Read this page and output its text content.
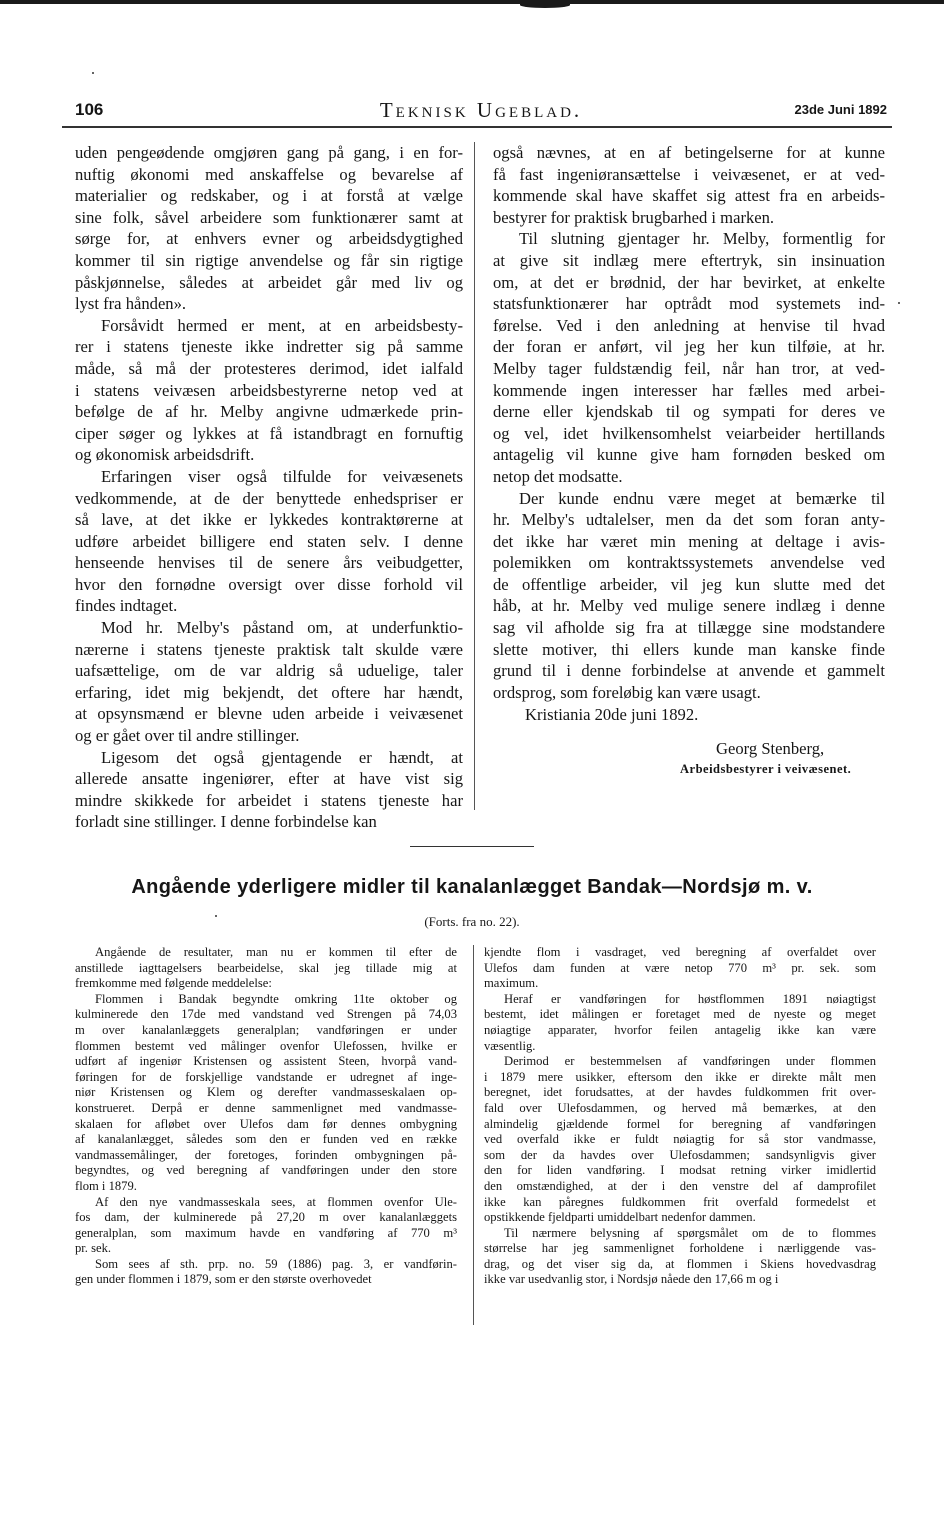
106	Teknisk Ugeblad.	23de Juni 1892

uden pengeødende omgjøren gang på gang, i en for-
nuftig økonomi med anskaffelse og bevarelse af
materialier og redskaber, og i at forstå at vælge
sine folk, såvel arbeidere som funktionærer samt at
sørge for, at enhvers evner og arbeidsdygtighed
kommer til sin rigtige anvendelse og får sin rigtige
påskjønnelse, således at arbeidet går med liv og
lyst fra hånden».

Forsåvidt hermed er ment, at en arbeidsbesty-
rer i statens tjeneste ikke indretter sig på samme
måde, så må der protesteres derimod, idet ialfald
i statens veivæsen arbeidsbestyrerne netop ved at
befølge de af hr. Melby angivne udmærkede prin-
ciper søger og lykkes at få istandbragt en fornuftig
og økonomisk arbeidsdrift.

Erfaringen viser også tilfulde for veivæsenets
vedkommende, at de der benyttede enhedspriser er
så lave, at det ikke er lykkedes kontraktørerne at
udføre arbeidet billigere end staten selv. I denne
henseende henvises til de senere års veibudgetter,
hvor den fornødne oversigt over disse forhold vil
findes indtaget.

Mod hr. Melby's påstand om, at underfunktio-
nærerne i statens tjeneste praktisk talt skulde være
uafsættelige, om de var aldrig så uduelige, taler
erfaring, idet mig bekjendt, det oftere har hændt,
at opsynsmænd er blevne uden arbeide i veivæsenet
og er gået over til andre stillinger.

Ligesom det også gjentagende er hændt, at
allerede ansatte ingeniører, efter at have vist sig
mindre skikkede for arbeidet i statens tjeneste har
forladt sine stillinger. I denne forbindelse kan

også nævnes, at en af betingelserne for at kunne
få fast ingeniøransættelse i veivæsenet, er at ved-
kommende skal have skaffet sig attest fra en arbeids-
bestyrer for praktisk brugbarhed i marken.

Til slutning gjentager hr. Melby, formentlig for
at give sit indlæg mere eftertryk, sin insinuation
om, at det er brødnid, der har bevirket, at enkelte
statsfunktionærer har optrådt mod systemets ind-
førelse. Ved i den anledning at henvise til hvad
der foran er anført, vil jeg her kun tilføie, at hr.
Melby tager fuldstændig feil, når han tror, at ved-
kommende ingen interesser har fælles med arbei-
derne eller kjendskab til og sympati for deres ve
og vel, idet hvilkensomhelst veiarbeider hertillands
antagelig vil kunne give ham fornøden besked om
netop det modsatte.

Der kunde endnu være meget at bemærke til
hr. Melby's udtalelser, men da det som foran anty-
det ikke har været min mening at deltage i avis-
polemikken om kontraktssystemets anvendelse ved
de offentlige arbeider, vil jeg kun slutte med det
håb, at hr. Melby ved mulige senere indlæg i denne
sag vil afholde sig fra at tillægge sine modstandere
slette motiver, thi ellers kunde man kanske finde
grund til i denne forbindelse at anvende et gammelt
ordsprog, som foreløbig kan være usagt.

Kristiania 20de juni 1892.
Georg Stenberg,
Arbeidsbestyrer i veivæsenet.
Angående yderligere midler til kanalanlægget Bandak—Nordsjø m. v.
(Forts. fra no. 22).

Angående de resultater, man nu er kommen til efter de
anstillede iagttagelsers bearbeidelse, skal jeg tillade mig at
fremkomme med følgende meddelelse:

Flommen i Bandak begyndte omkring 11te oktober og
kulminerede den 17de med vandstand ved Strengen på 74,03
m over kanalanlæggets generalplan; vandføringen er under
flommen bestemt ved målinger ovenfor Ulefossen, hvilke er
udført af ingeniør Kristensen og assistent Steen, hvorpå vand-
føringen for de forskjellige vandstande er udregnet af inge-
niør Kristensen og Klem og derefter vandmasseskalaen op-
konstrueret. Derpå er denne sammenlignet med vandmasse-
skalaen for afløbet over Ulefos dam før dennes ombygning
af kanalanlægget, således som den er funden ved en række
vandmassemålinger, der foretoges, forinden ombygningen på-
begyndtes, og ved beregning af vandføringen under den store
flom i 1879.

Af den nye vandmasseskala sees, at flommen ovenfor Ule-
fos dam, der kulminerede på 27,20 m over kanalanlæggets
generalplan, som maximum havde en vandføring af 770 m³
pr. sek.

Som sees af sth. prp. no. 59 (1886) pag. 3, er vandførin-
gen under flommen i 1879, som er den største overhovedet

kjendte flom i vasdraget, ved beregning af overfaldet over
Ulefos dam funden at være netop 770 m³ pr. sek. som
maximum.

Heraf er vandføringen for høstflommen 1891 nøiagtigst
bestemt, idet målingen er foretaget med de nyeste og meget
nøiagtige apparater, hvorfor feilen antagelig ikke kan være
væsentlig.

Derimod er bestemmelsen af vandføringen under flommen
i 1879 mere usikker, eftersom den ikke er direkte målt men
beregnet, idet forudsattes, at der havdes fuldkommen frit over-
fald over Ulefosdammen, og herved må bemærkes, at den
almindelig gjældende formel for beregning af vandføringen
ved overfald ikke er fuldt nøiagtig for så stor vandmasse,
som der da havdes over Ulefosdammen; sandsynligvis giver
den for liden vandføring. I modsat retning virker imidlertid
den omstændighed, at der i den venstre del af damprofilet
ikke kan påregnes fuldkommen frit overfald formedelst et
opstikkende fjeldparti umiddelbart nedenfor dammen.

Til nærmere belysning af spørgsmålet om de to flommes
størrelse har jeg sammenlignet forholdene i nærliggende vas-
drag, og det viser sig da, at flommen i Skiens hovedvasdrag
ikke var usedvanlig stor, i Nordsjø nåede den 17,66 m og i
